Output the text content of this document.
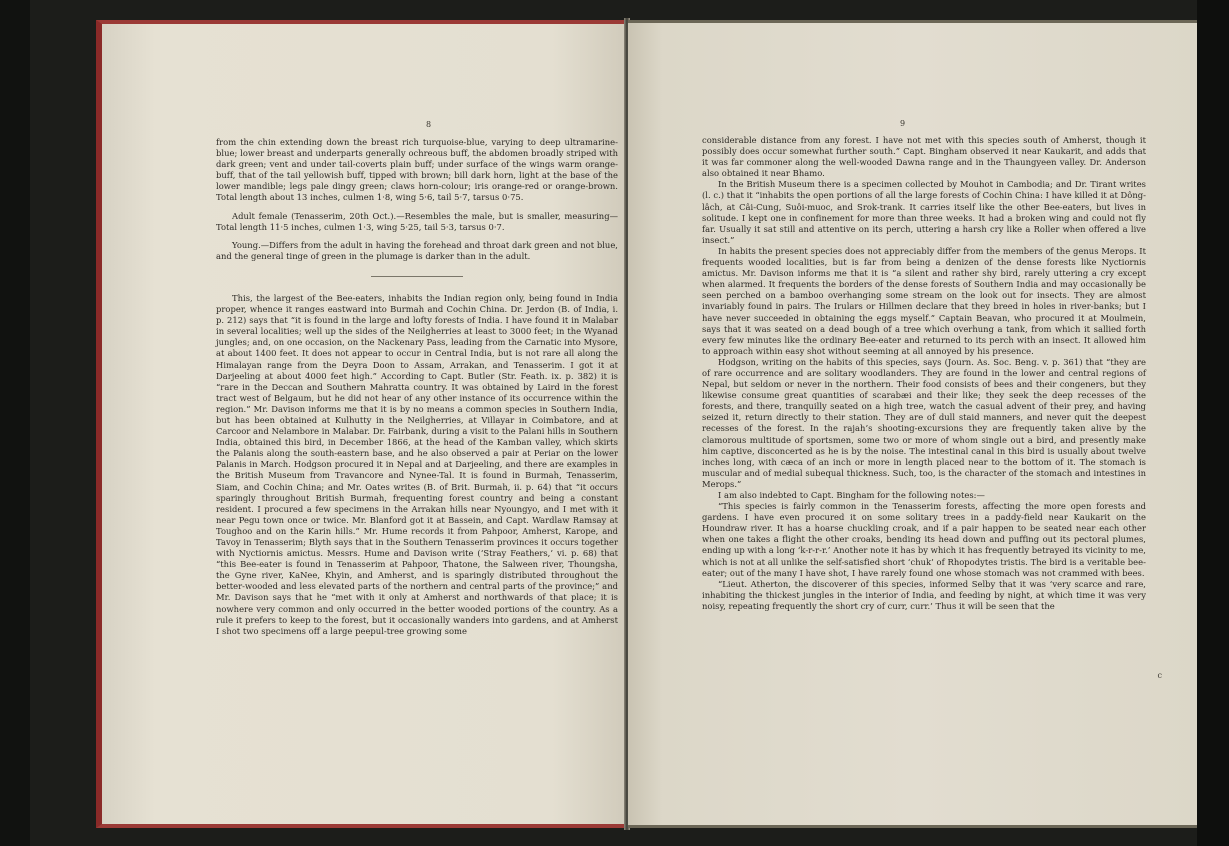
8

from the chin extending down the breast rich turquoise-blue, varying to deep ultramarine-blue; lower breast and underparts generally ochreous buff, the abdomen broadly striped with dark green; vent and under tail-coverts plain buff; under surface of the wings warm orange-buff, that of the tail yellowish buff, tipped with brown; bill dark horn, light at the base of the lower mandible; legs pale dingy green; claws horn-colour; iris orange-red or orange-brown. Total length about 13 inches, culmen 1·8, wing 5·6, tail 5·7, tarsus 0·75.

Adult female (Tenasserim, 20th Oct.).—Resembles the male, but is smaller, measuring—Total length 11·5 inches, culmen 1·3, wing 5·25, tail 5·3, tarsus 0·7.

Young.—Differs from the adult in having the forehead and throat dark green and not blue, and the general tinge of green in the plumage is darker than in the adult.

This, the largest of the Bee-eaters, inhabits the Indian region only, being found in India proper, whence it ranges eastward into Burmah and Cochin China. Dr. Jerdon (B. of India, i. p. 212) says that “it is found in the large and lofty forests of India. I have found it in Malabar in several localities; well up the sides of the Neilgherries at least to 3000 feet; in the Wyanad jungles; and, on one occasion, on the Nackenary Pass, leading from the Carnatic into Mysore, at about 1400 feet. It does not appear to occur in Central India, but is not rare all along the Himalayan range from the Deyra Doon to Assam, Arrakan, and Tenasserim. I got it at Darjeeling at about 4000 feet high.” According to Capt. Butler (Str. Feath. ix. p. 382) it is “rare in the Deccan and Southern Mahratta country. It was obtained by Laird in the forest tract west of Belgaum, but he did not hear of any other instance of its occurrence within the region.” Mr. Davison informs me that it is by no means a common species in Southern India, but has been obtained at Kulhutty in the Neilgherries, at Villayar in Coimbatore, and at Carcoor and Nelambore in Malabar. Dr. Fairbank, during a visit to the Palani hills in Southern India, obtained this bird, in December 1866, at the head of the Kamban valley, which skirts the Palanis along the south-eastern base, and he also observed a pair at Periar on the lower Palanis in March. Hodgson procured it in Nepal and at Darjeeling, and there are examples in the British Museum from Travancore and Nynee-Tal. It is found in Burmah, Tenasserim, Siam, and Cochin China; and Mr. Oates writes (B. of Brit. Burmah, ii. p. 64) that “it occurs sparingly throughout British Burmah, frequenting forest country and being a constant resident. I procured a few specimens in the Arrakan hills near Nyoungyo, and I met with it near Pegu town once or twice. Mr. Blanford got it at Bassein, and Capt. Wardlaw Ramsay at Toughoo and on the Karin hills.” Mr. Hume records it from Pahpoor, Amherst, Karope, and Tavoy in Tenasserim; Blyth says that in the Southern Tenasserim provinces it occurs together with Nyctiornis amictus. Messrs. Hume and Davison write (‘Stray Feathers,’ vi. p. 68) that “this Bee-eater is found in Tenasserim at Pahpoor, Thatone, the Salween river, Thoungsha, the Gyne river, KaNee, Khyin, and Amherst, and is sparingly distributed throughout the better-wooded and less elevated parts of the northern and central parts of the province;” and Mr. Davison says that he “met with it only at Amherst and northwards of that place; it is nowhere very common and only occurred in the better wooded portions of the country. As a rule it prefers to keep to the forest, but it occasionally wanders into gardens, and at Amherst I shot two specimens off a large peepul-tree growing some

9

considerable distance from any forest. I have not met with this species south of Amherst, though it possibly does occur somewhat further south.” Capt. Bingham observed it near Kaukarit, and adds that it was far commoner along the well-wooded Dawna range and in the Thaungyeen valley. Dr. Anderson also obtained it near Bhamo.

In the British Museum there is a specimen collected by Mouhot in Cambodia; and Dr. Tirant writes (l. c.) that it “inhabits the open portions of all the large forests of Cochin China: I have killed it at Dông-lâch, at Câi-Cung, Suôi-muoc, and Srok-trank. It carries itself like the other Bee-eaters, but lives in solitude. I kept one in confinement for more than three weeks. It had a broken wing and could not fly far. Usually it sat still and attentive on its perch, uttering a harsh cry like a Roller when offered a live insect.”

In habits the present species does not appreciably differ from the members of the genus Merops. It frequents wooded localities, but is far from being a denizen of the dense forests like Nyctiornis amictus. Mr. Davison informs me that it is “a silent and rather shy bird, rarely uttering a cry except when alarmed. It frequents the borders of the dense forests of Southern India and may occasionally be seen perched on a bamboo overhanging some stream on the look out for insects. They are almost invariably found in pairs. The Irulars or Hillmen declare that they breed in holes in river-banks; but I have never succeeded in obtaining the eggs myself.” Captain Beavan, who procured it at Moulmein, says that it was seated on a dead bough of a tree which overhung a tank, from which it sallied forth every few minutes like the ordinary Bee-eater and returned to its perch with an insect. It allowed him to approach within easy shot without seeming at all annoyed by his presence.

Hodgson, writing on the habits of this species, says (Journ. As. Soc. Beng. v. p. 361) that “they are of rare occurrence and are solitary woodlanders. They are found in the lower and central regions of Nepal, but seldom or never in the northern. Their food consists of bees and their congeners, but they likewise consume great quantities of scarabæi and their like; they seek the deep recesses of the forests, and there, tranquilly seated on a high tree, watch the casual advent of their prey, and having seized it, return directly to their station. They are of dull staid manners, and never quit the deepest recesses of the forest. In the rajah’s shooting-excursions they are frequently taken alive by the clamorous multitude of sportsmen, some two or more of whom single out a bird, and presently make him captive, disconcerted as he is by the noise. The intestinal canal in this bird is usually about twelve inches long, with cæca of an inch or more in length placed near to the bottom of it. The stomach is muscular and of medial subequal thickness. Such, too, is the character of the stomach and intestines in Merops.”

I am also indebted to Capt. Bingham for the following notes:—

“This species is fairly common in the Tenasserim forests, affecting the more open forests and gardens. I have even procured it on some solitary trees in a paddy-field near Kaukarit on the Houndraw river. It has a hoarse chuckling croak, and if a pair happen to be seated near each other when one takes a flight the other croaks, bending its head down and puffing out its pectoral plumes, ending up with a long ‘k-r-r-r.’ Another note it has by which it has frequently betrayed its vicinity to me, which is not at all unlike the self-satisfied short ‘chuk’ of Rhopodytes tristis. The bird is a veritable bee-eater; out of the many I have shot, I have rarely found one whose stomach was not crammed with bees.

“Lieut. Atherton, the discoverer of this species, informed Selby that it was ‘very scarce and rare, inhabiting the thickest jungles in the interior of India, and feeding by night, at which time it was very noisy, repeating frequently the short cry of curr, curr.’ Thus it will be seen that the

c
